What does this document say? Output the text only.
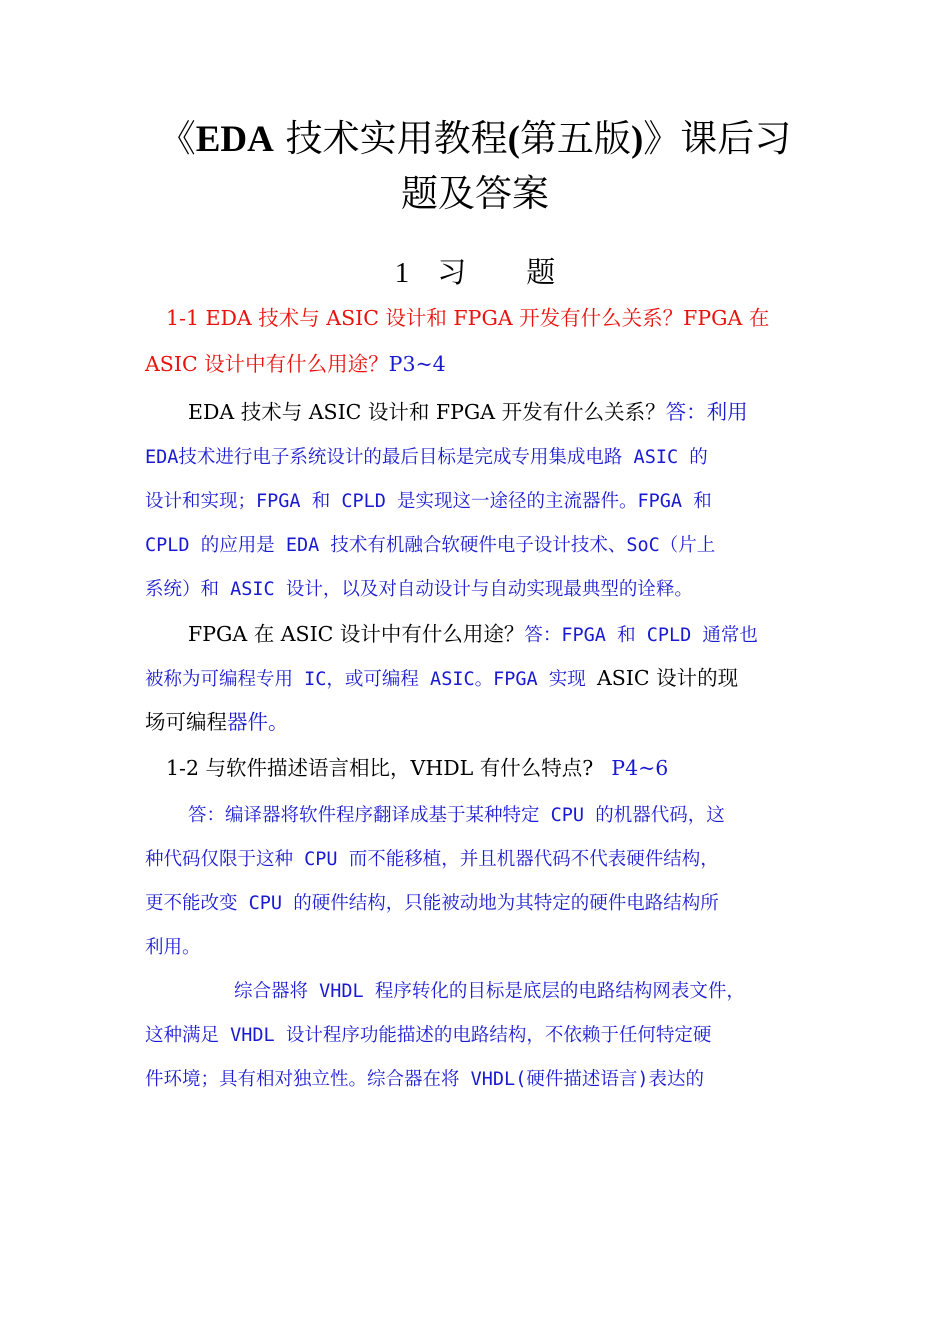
《EDA 技术实用教程(第五版)》课后习
题及答案
1 习 题
1-1 EDA 技术与 ASIC 设计和 FPGA 开发有什么关系？FPGA 在
ASIC 设计中有什么用途？P3~4
EDA 技术与 ASIC 设计和 FPGA 开发有什么关系？答：利用
EDA技术进行电子系统设计的最后目标是完成专用集成电路 ASIC 的
设计和实现；FPGA 和 CPLD 是实现这一途径的主流器件。FPGA 和
CPLD 的应用是 EDA 技术有机融合软硬件电子设计技术、SoC（片上
系统）和 ASIC 设计，以及对自动设计与自动实现最典型的诠释。
FPGA 在 ASIC 设计中有什么用途？答：FPGA 和 CPLD 通常也
被称为可编程专用 IC，或可编程 ASIC。FPGA 实现 ASIC 设计的现
场可编程器件。
1-2 与软件描述语言相比，VHDL 有什么特点? P4~6
答：编译器将软件程序翻译成基于某种特定 CPU 的机器代码，这
种代码仅限于这种 CPU 而不能移植，并且机器代码不代表硬件结构，
更不能改变 CPU 的硬件结构，只能被动地为其特定的硬件电路结构所
利用。
综合器将 VHDL 程序转化的目标是底层的电路结构网表文件，
这种满足 VHDL 设计程序功能描述的电路结构，不依赖于任何特定硬
件环境；具有相对独立性。综合器在将 VHDL(硬件描述语言)表达的
